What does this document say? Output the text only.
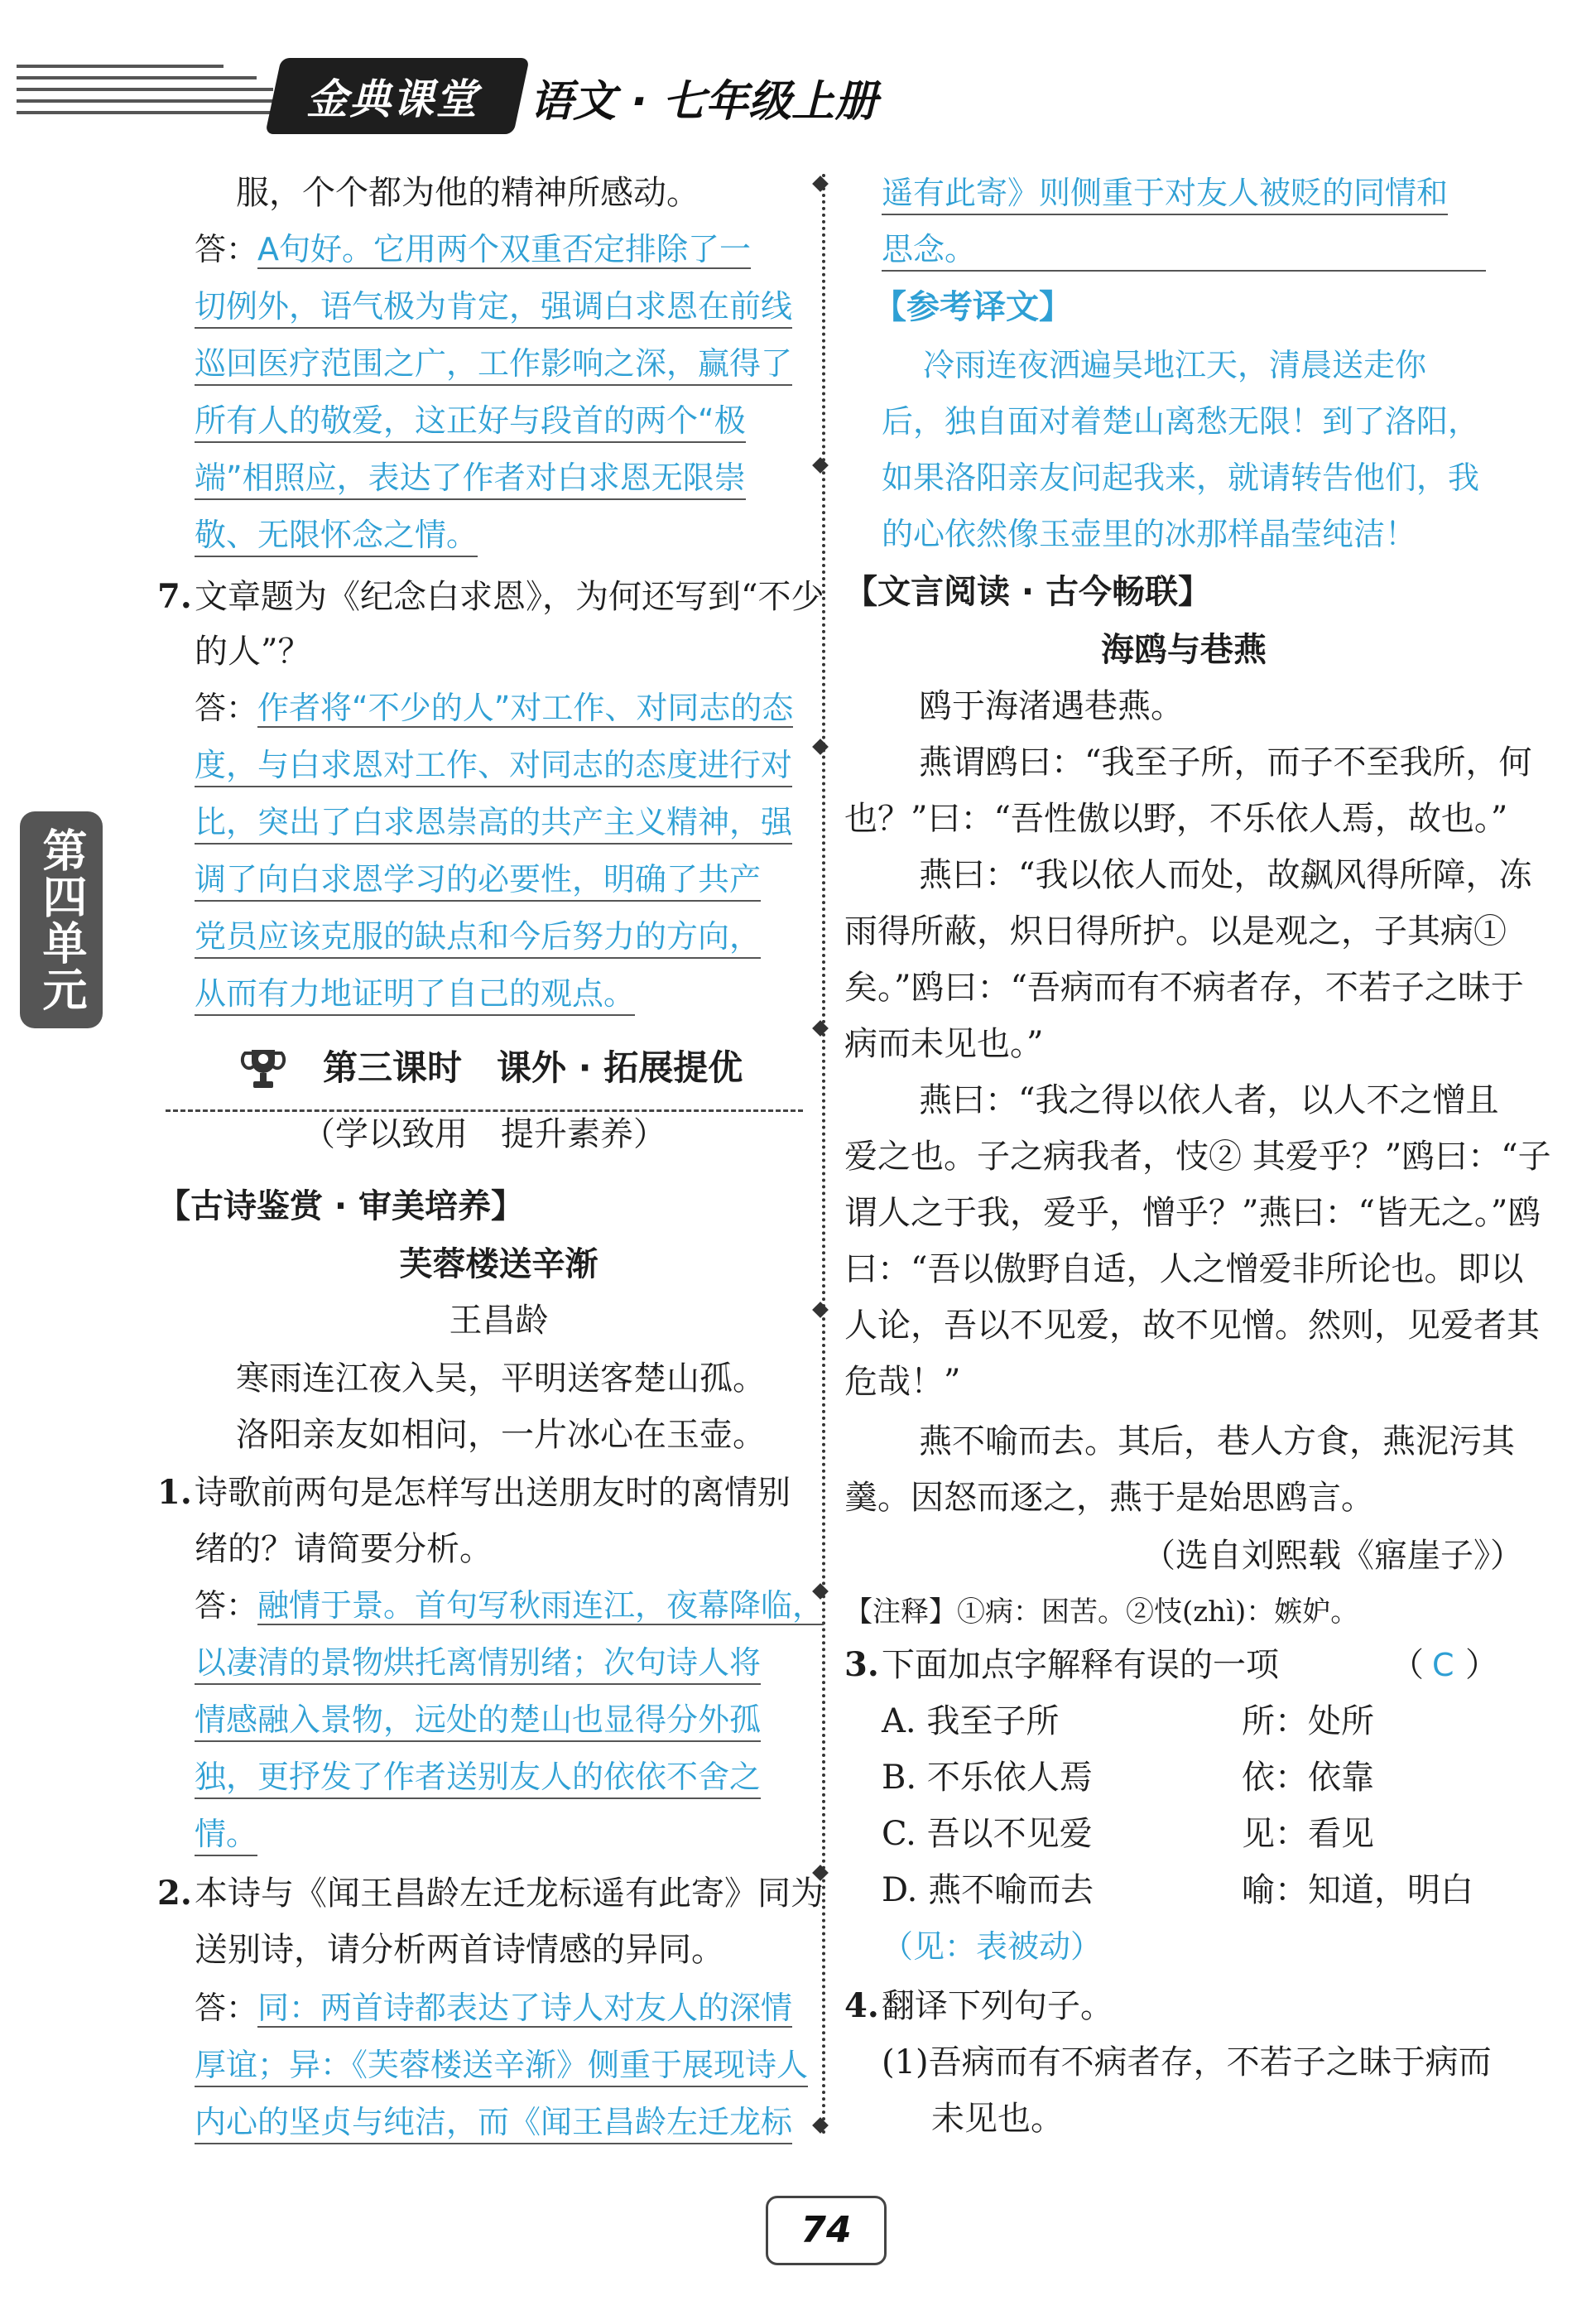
金典课堂 语文 · 七年级上册
第四单元
服，个个都为他的精神所感动。
答：A句好。它用两个双重否定排除了一
切例外，语气极为肯定，强调白求恩在前线
巡回医疗范围之广，工作影响之深，赢得了
所有人的敬爱，这正好与段首的两个“极
端”相照应，表达了作者对白求恩无限崇
敬、无限怀念之情。
7. 文章题为《纪念白求恩》，为何还写到“不少
的人”？
答：作者将“不少的人”对工作、对同志的态
度，与白求恩对工作、对同志的态度进行对
比，突出了白求恩崇高的共产主义精神，强
调了向白求恩学习的必要性，明确了共产
党员应该克服的缺点和今后努力的方向，
从而有力地证明了自己的观点。
第三课时　课外 · 拓展提优
（学以致用　提升素养）
【古诗鉴赏 · 审美培养】
芙蓉楼送辛渐
王昌龄
寒雨连江夜入吴，平明送客楚山孤。
洛阳亲友如相问，一片冰心在玉壶。
1. 诗歌前两句是怎样写出送朋友时的离情别
绪的？请简要分析。
答：融情于景。首句写秋雨连江，夜幕降临，
以凄清的景物烘托离情别绪；次句诗人将
情感融入景物，远处的楚山也显得分外孤
独，更抒发了作者送别友人的依依不舍之
情。
2. 本诗与《闻王昌龄左迁龙标遥有此寄》同为
送别诗，请分析两首诗情感的异同。
答：同：两首诗都表达了诗人对友人的深情
厚谊；异：《芙蓉楼送辛渐》侧重于展现诗人
内心的坚贞与纯洁，而《闻王昌龄左迁龙标
遥有此寄》则侧重于对友人被贬的同情和
思念。
【参考译文】
冷雨连夜洒遍吴地江天，清晨送走你
后，独自面对着楚山离愁无限！到了洛阳，
如果洛阳亲友问起我来，就请转告他们，我
的心依然像玉壶里的冰那样晶莹纯洁！
【文言阅读 · 古今畅联】
海鸥与巷燕
鸥于海渚遇巷燕。
燕谓鸥曰：“我至子所，而子不至我所，何
也？”曰：“吾性傲以野，不乐依人焉，故也。”
燕曰：“我以依人而处，故飙风得所障，冻
雨得所蔽，炽日得所护。以是观之，子其病①
矣。”鸥曰：“吾病而有不病者存，不若子之昧于
病而未见也。”
燕曰：“我之得以依人者，以人不之憎且
爱之也。子之病我者，忮② 其爱乎？”鸥曰：“子
谓人之于我，爱乎，憎乎？”燕曰：“皆无之。”鸥
曰：“吾以傲野自适，人之憎爱非所论也。即以
人论，吾以不见爱，故不见憎。然则，见爱者其
危哉！”
燕不喻而去。其后，巷人方食，燕泥污其
羹。因怒而逐之，燕于是始思鸥言。
（选自刘熙载《寤崖子》）
【注释】①病：困苦。②忮(zhì)：嫉妒。
3. 下面加点字解释有误的一项	（ C ）
A. 我至子所	所：处所
B. 不乐依人焉	依：依靠
C. 吾以不见爱	见：看见
D. 燕不喻而去	喻：知道，明白
（见：表被动）
4. 翻译下列句子。
(1)吾病而有不病者存，不若子之昧于病而
未见也。
74
